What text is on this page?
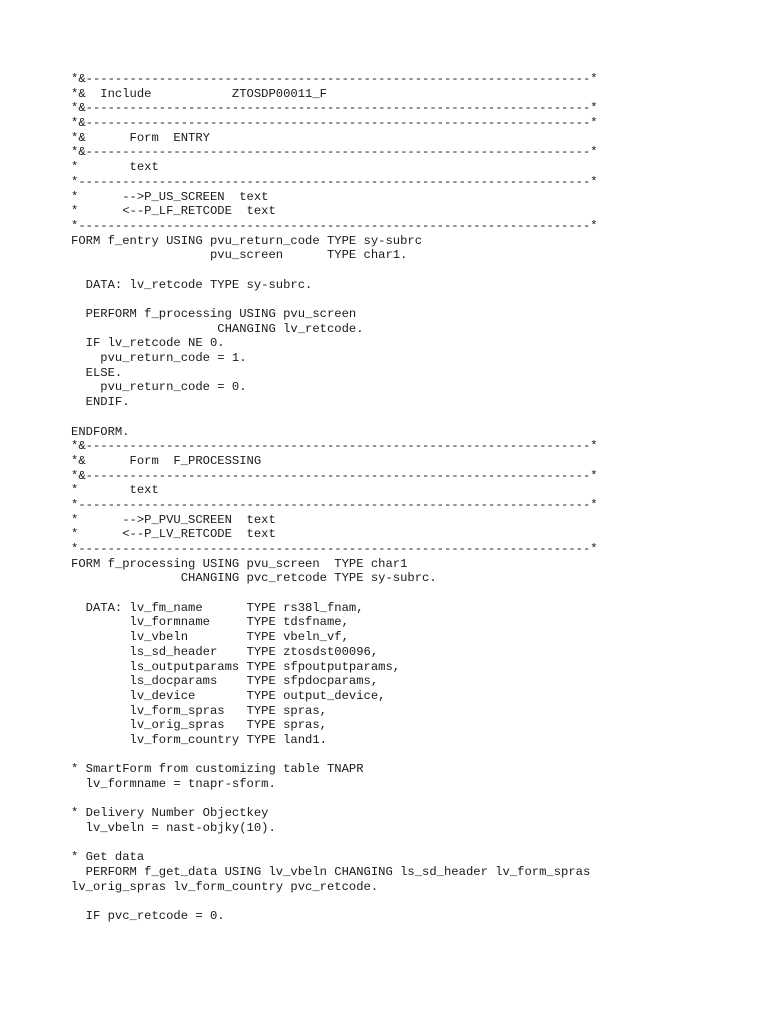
*&---------------------------------------------------------------------*
*&  Include           ZTOSDP00011_F
*&---------------------------------------------------------------------*
*&---------------------------------------------------------------------*
*&      Form  ENTRY
*&---------------------------------------------------------------------*
*       text
*----------------------------------------------------------------------*
*      -->P_US_SCREEN  text
*      <--P_LF_RETCODE  text
*----------------------------------------------------------------------*
FORM f_entry USING pvu_return_code TYPE sy-subrc
pvu_screen      TYPE char1.
DATA: lv_retcode TYPE sy-subrc.
PERFORM f_processing USING pvu_screen
CHANGING lv_retcode.
IF lv_retcode NE 0.
pvu_return_code = 1.
ELSE.
pvu_return_code = 0.
ENDIF.
ENDFORM.
*&---------------------------------------------------------------------*
*&      Form  F_PROCESSING
*&---------------------------------------------------------------------*
*       text
*----------------------------------------------------------------------*
*      -->P_PVU_SCREEN  text
*      <--P_LV_RETCODE  text
*----------------------------------------------------------------------*
FORM f_processing USING pvu_screen  TYPE char1
CHANGING pvc_retcode TYPE sy-subrc.
DATA: lv_fm_name      TYPE rs38l_fnam,
lv_formname     TYPE tdsfname,
lv_vbeln        TYPE vbeln_vf,
ls_sd_header    TYPE ztosdst00096,
ls_outputparams TYPE sfpoutputparams,
ls_docparams    TYPE sfpdocparams,
lv_device       TYPE output_device,
lv_form_spras   TYPE spras,
lv_orig_spras   TYPE spras,
lv_form_country TYPE land1.
* SmartForm from customizing table TNAPR
lv_formname = tnapr-sform.
* Delivery Number Objectkey
lv_vbeln = nast-objky(10).
* Get data
PERFORM f_get_data USING lv_vbeln CHANGING ls_sd_header lv_form_spras
lv_orig_spras lv_form_country pvc_retcode.
IF pvc_retcode = 0.
